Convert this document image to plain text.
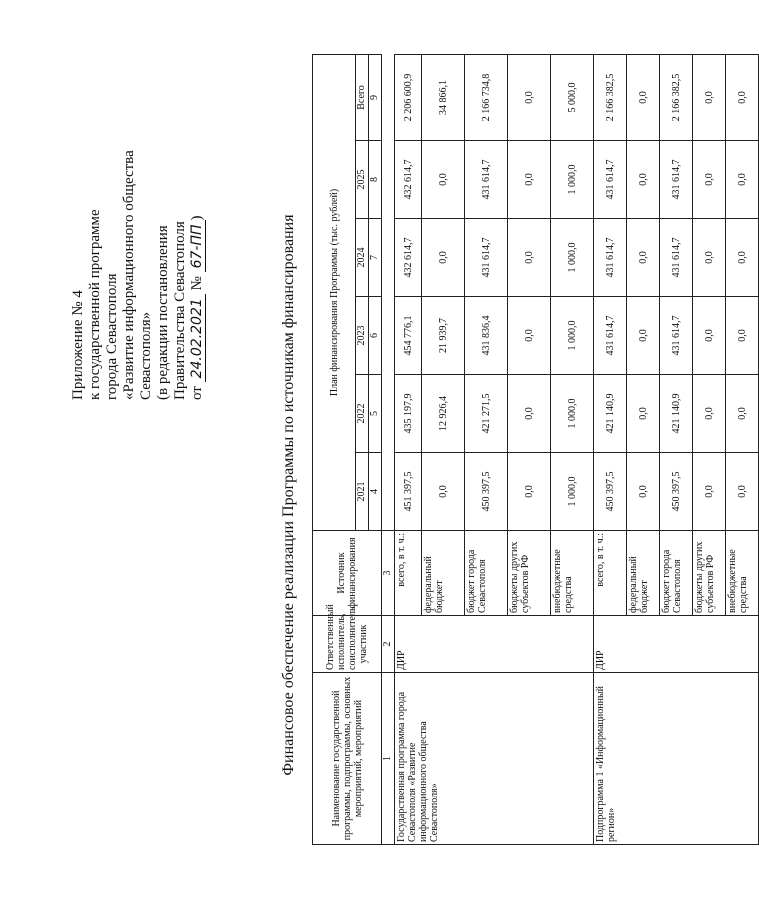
Приложение № 4 к государственной программе города Севастополя «Развитие информационного общества Севастополя» (в редакции постановления Правительства Севастополя от 24.02.2021 № 67-ПП)	Финансовое обеспечение реализации Программы по источникам финансирования	Наименование государственной программы, подпрограммы, основных мероприятий, мероприятий	Ответственный исполнитель, соисполнитель, участник	Источник финансирования	План финансирования Программы (тыс. рублей)					
			2021	2022	2023	2024	2025	Всего
			4	5	6	7	8	9
1	2	3						
Государственная программа города Севастополя «Развитие информационного общества Севастополя»	ДИР	всего, в т. ч.:	451 397,5	435 197,9	454 776,1	432 614,7	432 614,7	2 206 600,9
		федеральный бюджет	0,0	12 926,4	21 939,7	0,0	0,0	34 866,1
		бюджет города Севастополя	450 397,5	421 271,5	431 836,4	431 614,7	431 614,7	2 166 734,8
		бюджеты других субъектов РФ	0,0	0,0	0,0	0,0	0,0	0,0
		внебюджетные средства	1 000,0	1 000,0	1 000,0	1 000,0	1 000,0	5 000,0
Подпрограмма 1 «Информационный регион»	ДИР	всего, в т. ч.:	450 397,5	421 140,9	431 614,7	431 614,7	431 614,7	2 166 382,5
		федеральный бюджет	0,0	0,0	0,0	0,0	0,0	0,0
		бюджет города Севастополя	450 397,5	421 140,9	431 614,7	431 614,7	431 614,7	2 166 382,5
		бюджеты других субъектов РФ	0,0	0,0	0,0	0,0	0,0	0,0
		внебюджетные средства	0,0	0,0	0,0	0,0	0,0	0,0
